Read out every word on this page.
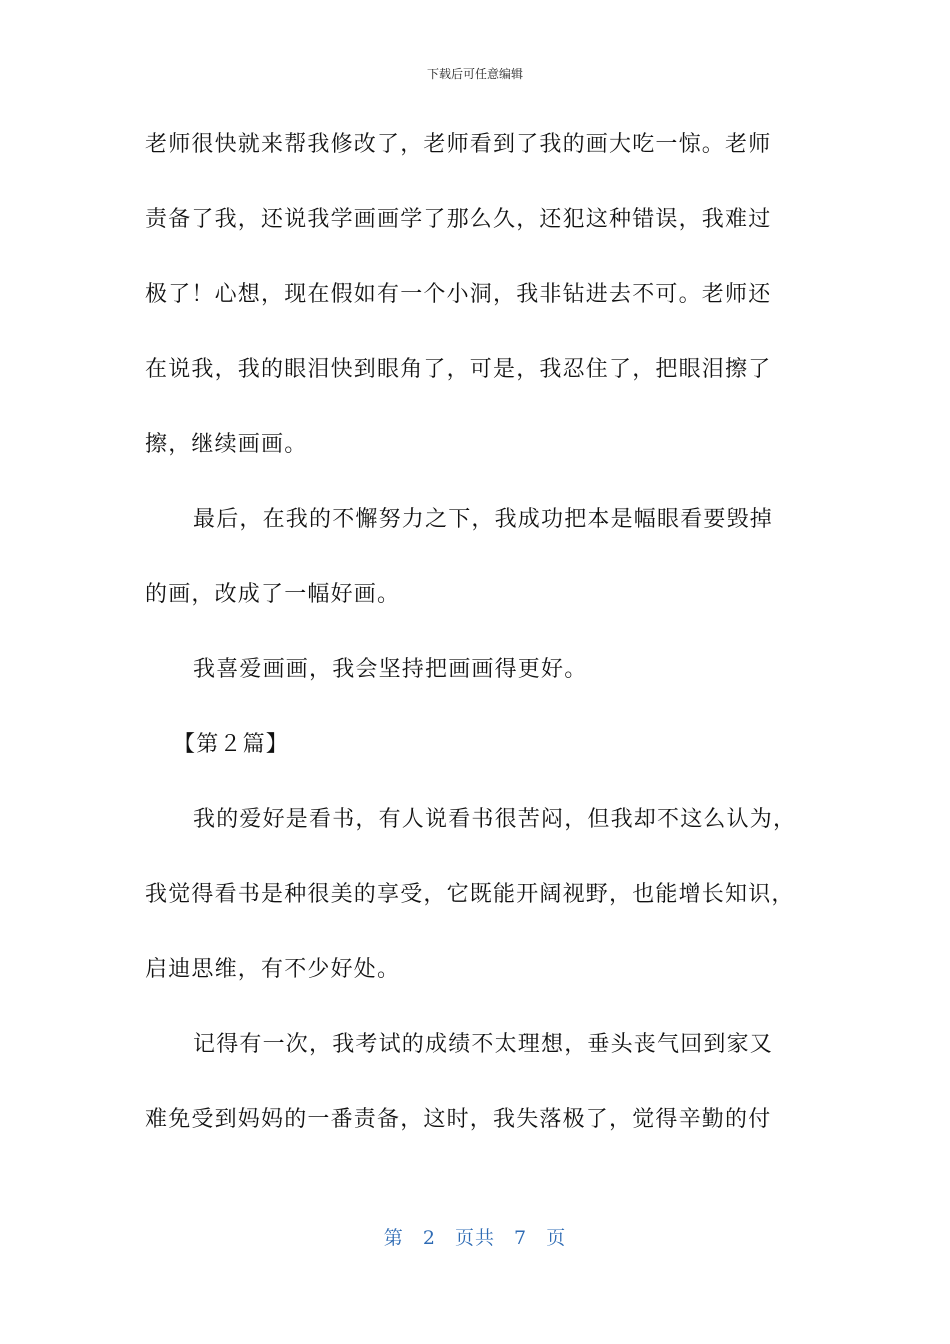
下载后可任意编辑
老师很快就来帮我修改了，老师看到了我的画大吃一惊。老师
责备了我，还说我学画画学了那么久，还犯这种错误，我难过
极了！心想，现在假如有一个小洞，我非钻进去不可。老师还
在说我，我的眼泪快到眼角了，可是，我忍住了，把眼泪擦了
擦，继续画画。
最后，在我的不懈努力之下，我成功把本是幅眼看要毁掉
的画，改成了一幅好画。
我喜爱画画，我会坚持把画画得更好。
【第２篇】
我的爱好是看书，有人说看书很苦闷，但我却不这么认为，
我觉得看书是种很美的享受，它既能开阔视野，也能增长知识，
启迪思维，有不少好处。
记得有一次，我考试的成绩不太理想，垂头丧气回到家又
难免受到妈妈的一番责备，这时，我失落极了，觉得辛勤的付
第 2 页共 7 页
